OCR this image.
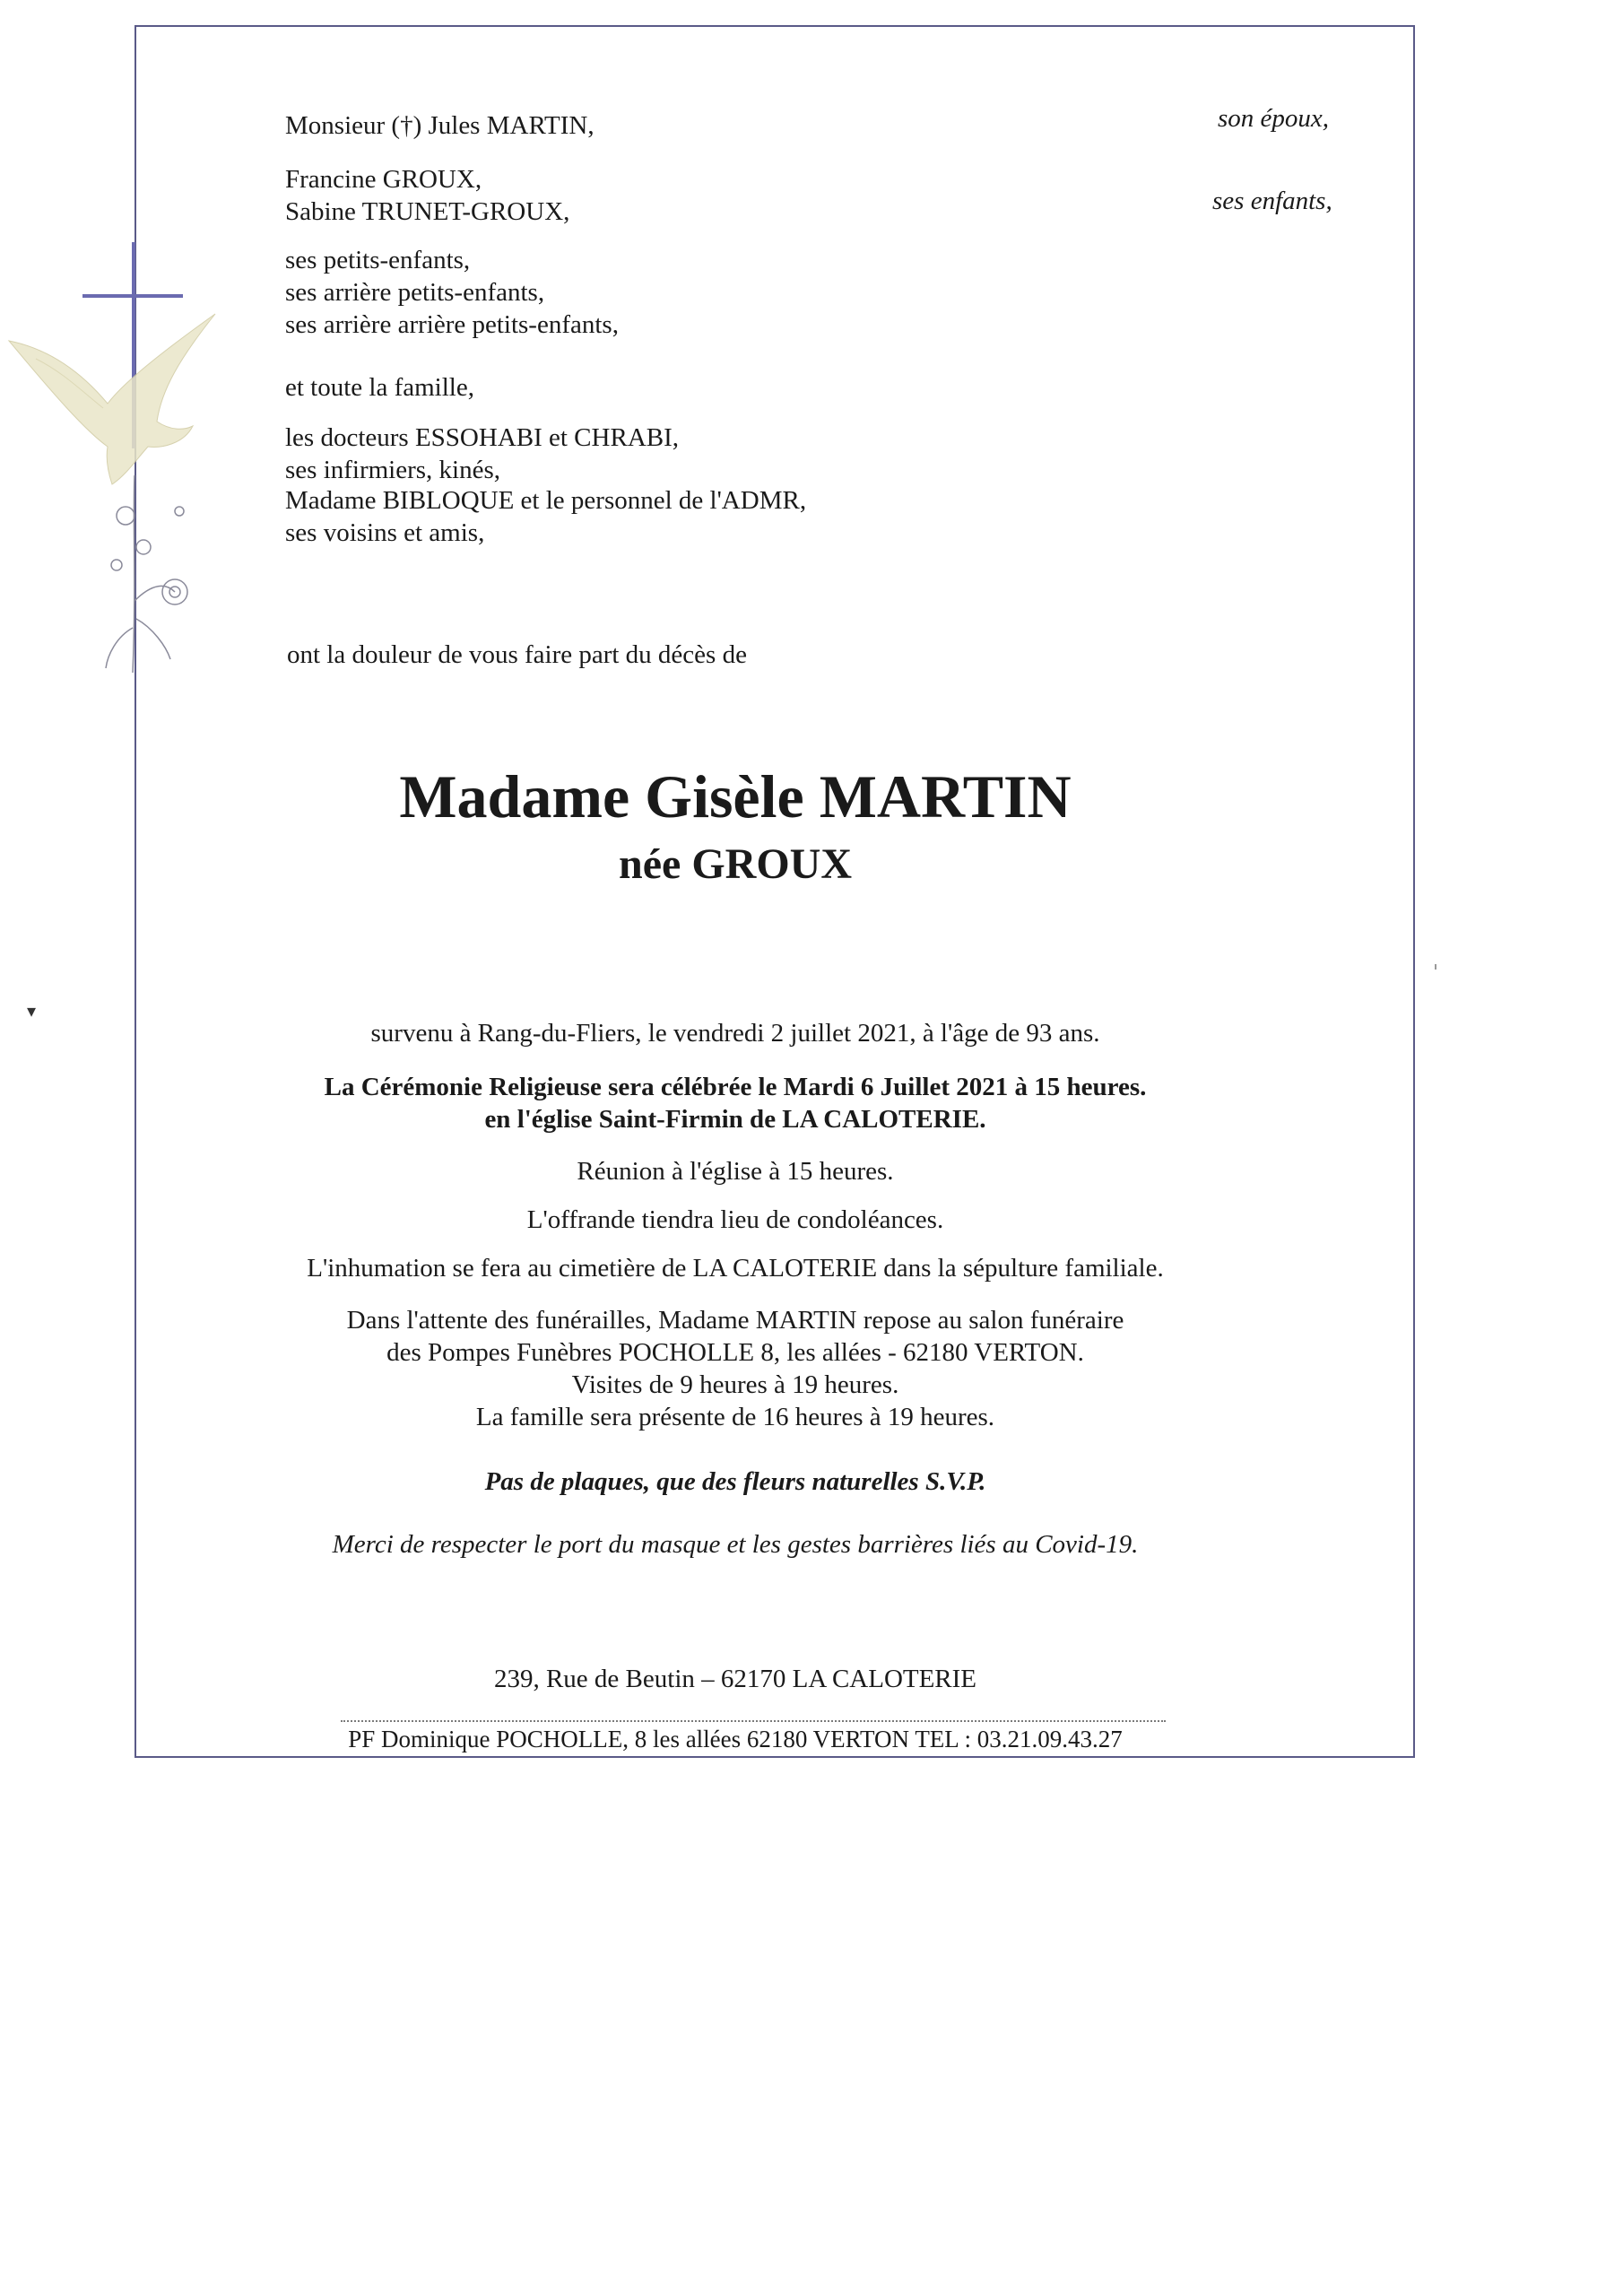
▾
Monsieur (†) Jules MARTIN,	son époux,
Francine GROUX,
Sabine TRUNET-GROUX,	ses enfants,
ses petits-enfants,
ses arrière petits-enfants,
ses arrière arrière petits-enfants,
et toute la famille,
les docteurs ESSOHABI et CHRABI,
ses infirmiers, kinés,
Madame BIBLOQUE et le personnel de l'ADMR,
ses voisins et amis,
ont la douleur de vous faire part du décès de
Madame Gisèle MARTIN
née GROUX
survenu à Rang-du-Fliers, le vendredi 2 juillet 2021, à l'âge de 93 ans.
La Cérémonie Religieuse sera célébrée le Mardi 6 Juillet 2021 à 15 heures.
en l'église Saint-Firmin de LA CALOTERIE.
Réunion à l'église à 15 heures.
L'offrande tiendra lieu de condoléances.
L'inhumation se fera au cimetière de LA CALOTERIE dans la sépulture familiale.
Dans l'attente des funérailles, Madame MARTIN repose au salon funéraire
des Pompes Funèbres POCHOLLE 8, les allées - 62180 VERTON.
Visites de 9 heures à 19 heures.
La famille sera présente de 16 heures à 19 heures.
Pas de plaques, que des fleurs naturelles S.V.P.
Merci de respecter le port du masque et les gestes barrières liés au Covid-19.
239, Rue de Beutin – 62170 LA CALOTERIE
PF Dominique POCHOLLE, 8 les allées 62180 VERTON TEL : 03.21.09.43.27
